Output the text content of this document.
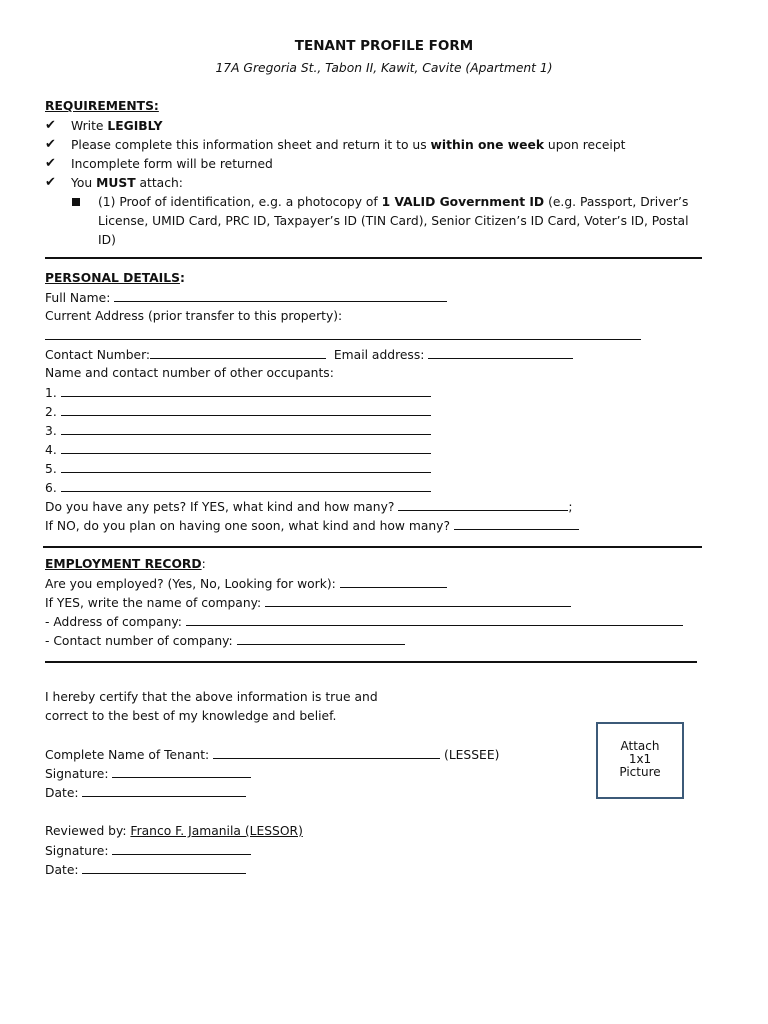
TENANT PROFILE FORM
17A Gregoria St., Tabon II, Kawit, Cavite (Apartment 1)
REQUIREMENTS:
✔ Write LEGIBLY
✔ Please complete this information sheet and return it to us within one week upon receipt
✔ Incomplete form will be returned
✔ You MUST attach:
(1) Proof of identification, e.g. a photocopy of 1 VALID Government ID (e.g. Passport, Driver’s
License, UMID Card, PRC ID, Taxpayer’s ID (TIN Card), Senior Citizen’s ID Card, Voter’s ID, Postal
ID)
PERSONAL DETAILS:
Full Name:
Current Address (prior transfer to this property):
Contact Number:	Email address:
Name and contact number of other occupants:
1.
2.
3.
4.
5.
6.
Do you have any pets? If YES, what kind and how many?	;
If NO, do you plan on having one soon, what kind and how many?
EMPLOYMENT RECORD:
Are you employed? (Yes, No, Looking for work):
If YES, write the name of company:
- Address of company:
- Contact number of company:
I hereby certify that the above information is true and
correct to the best of my knowledge and belief.
Complete Name of Tenant:	(LESSEE)
Signature:
Date:
Attach
1x1
Picture
Reviewed by: Franco F. Jamanila (LESSOR)
Signature:
Date:
